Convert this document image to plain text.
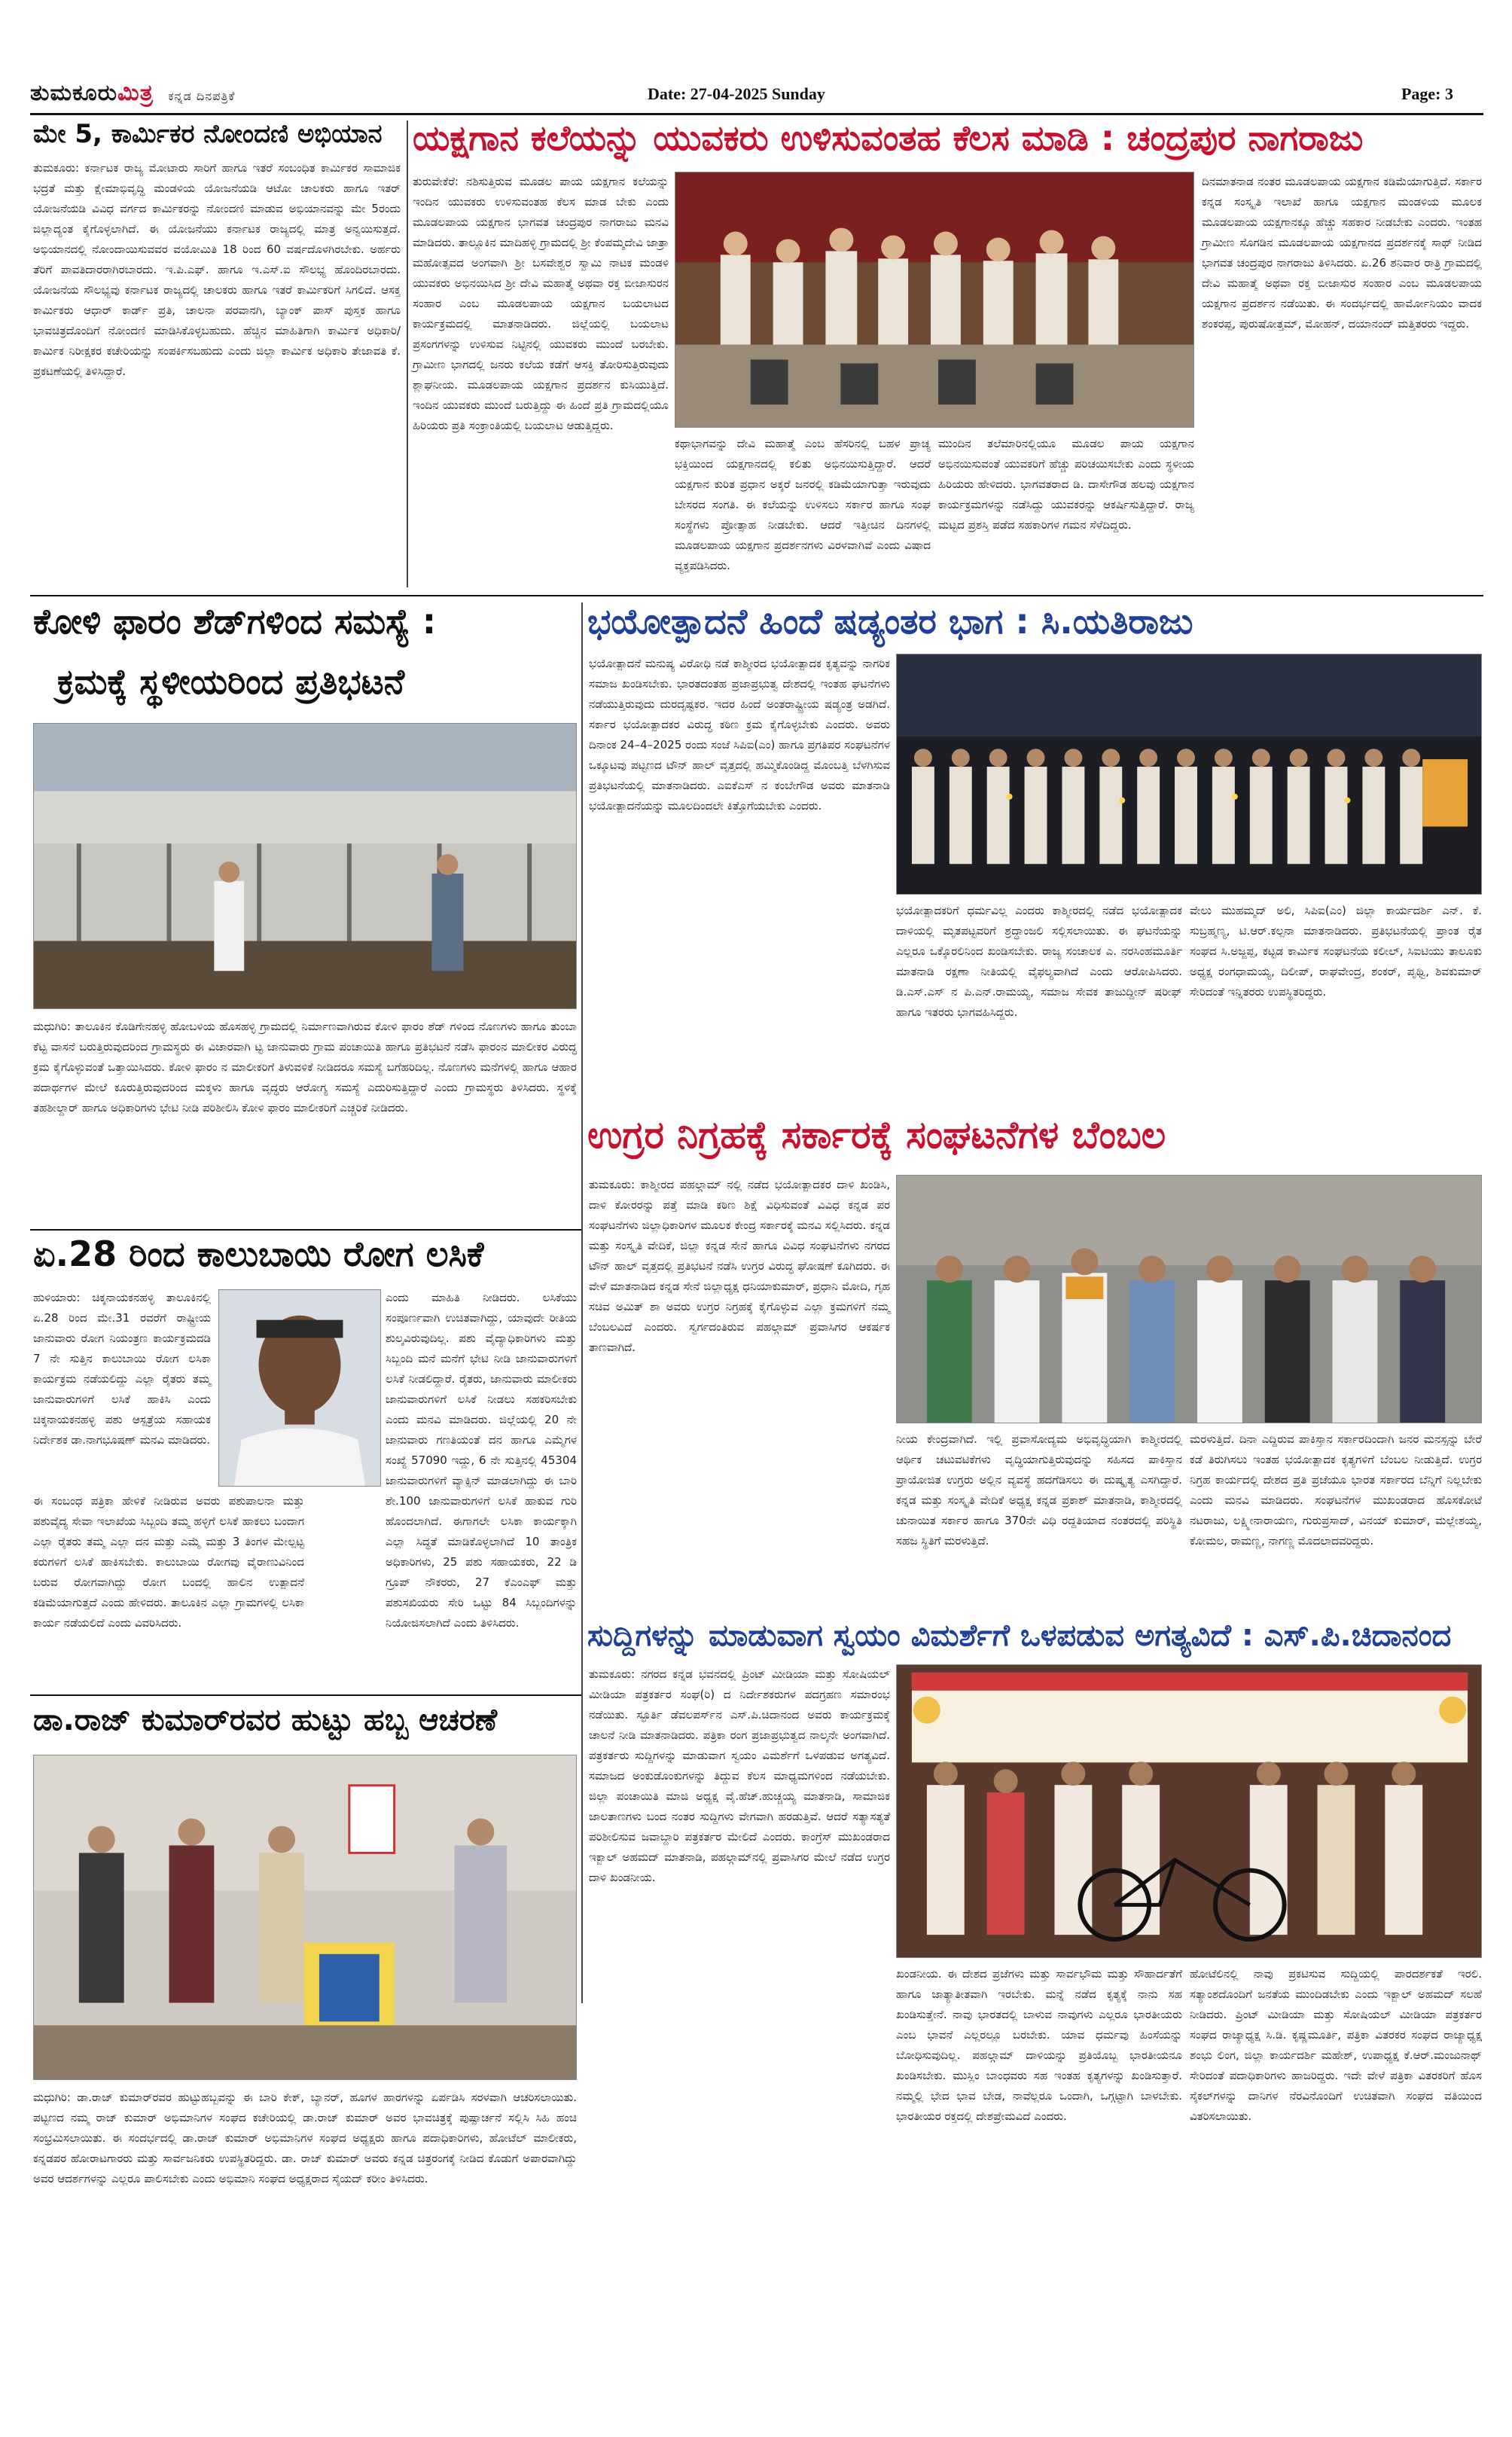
ತುಮಕೂರುಮಿತ್ರ ಕನ್ನಡ ದಿನಪತ್ರಿಕೆ	Date: 27-04-2025 Sunday	Page: 3
ಮೇ 5, ಕಾರ್ಮಿಕರ ನೋಂದಣಿ ಅಭಿಯಾನ
ತುಮಕೂರು: ಕರ್ನಾಟಕ ರಾಜ್ಯ ಮೋಟಾರು ಸಾರಿಗೆ ಹಾಗೂ ಇತರೆ ಸಂಬಂಧಿತ ಕಾರ್ಮಿಕರ ಸಾಮಾಜಿಕ ಭದ್ರತೆ ಮತ್ತು ಕ್ಷೇಮಾಭಿವೃದ್ಧಿ ಮಂಡಳಿಯ ಯೋಜನೆಯಡಿ ಆಟೋ ಚಾಲಕರು ಹಾಗೂ ಇತರ್ ಯೋಜನೆಯಡಿ ವಿವಿಧ ವರ್ಗದ ಕಾರ್ಮಿಕರನ್ನು ನೋಂದಣಿ ಮಾಡುವ ಅಭಿಯಾನವನ್ನು ಮೇ 5ರಂದು ಜಿಲ್ಲಾದ್ಯಂತ ಕೈಗೊಳ್ಳಲಾಗಿದೆ. ಈ ಯೋಜನೆಯು ಕರ್ನಾಟಕ ರಾಜ್ಯದಲ್ಲಿ ಮಾತ್ರ ಅನ್ವಯಿಸುತ್ತದೆ. ಅಭಿಯಾನದಲ್ಲಿ ನೋಂದಾಯಿಸುವವರ ವಯೋಮಿತಿ 18 ರಿಂದ 60 ವರ್ಷದೊಳಗಿರಬೇಕು. ಅರ್ಹರು ತೆರಿಗೆ ಪಾವತಿದಾರರಾಗಿರಬಾರದು. ಇ.ಪಿ.ಎಫ್. ಹಾಗೂ ಇ.ಎಸ್.ಐ ಸೌಲಭ್ಯ ಹೊಂದಿರಬಾರದು. ಯೋಜನೆಯ ಸೌಲಭ್ಯವು ಕರ್ನಾಟಕ ರಾಜ್ಯದಲ್ಲಿ ಚಾಲಕರು ಹಾಗೂ ಇತರೆ ಕಾರ್ಮಿಕರಿಗೆ ಸಿಗಲಿದೆ. ಆಸಕ್ತ ಕಾರ್ಮಿಕರು ಆಧಾರ್ ಕಾರ್ಡ್ ಪ್ರತಿ, ಚಾಲನಾ ಪರವಾನಗಿ, ಬ್ಯಾಂಕ್ ಪಾಸ್ ಪುಸ್ತಕ ಹಾಗೂ ಭಾವಚಿತ್ರದೊಂದಿಗೆ ನೋಂದಣಿ ಮಾಡಿಸಿಕೊಳ್ಳಬಹುದು. ಹೆಚ್ಚಿನ ಮಾಹಿತಿಗಾಗಿ ಕಾರ್ಮಿಕ ಅಧಿಕಾರಿ/ಕಾರ್ಮಿಕ ನಿರೀಕ್ಷಕರ ಕಚೇರಿಯನ್ನು ಸಂಪರ್ಕಿಸಬಹುದು ಎಂದು ಜಿಲ್ಲಾ ಕಾರ್ಮಿಕ ಅಧಿಕಾರಿ ತೇಜಾವತಿ ಕೆ. ಪ್ರಕಟಣೆಯಲ್ಲಿ ತಿಳಿಸಿದ್ದಾರೆ.
ಯಕ್ಷಗಾನ ಕಲೆಯನ್ನು ಯುವಕರು ಉಳಿಸುವಂತಹ ಕೆಲಸ ಮಾಡಿ : ಚಂದ್ರಪುರ ನಾಗರಾಜು
ತುರುವೇಕೆರೆ: ನಶಿಸುತ್ತಿರುವ ಮೂಡಲ ಪಾಯ ಯಕ್ಷಗಾನ ಕಲೆಯನ್ನು ಇಂದಿನ ಯುವಕರು ಉಳಿಸುವಂತಹ ಕೆಲಸ ಮಾಡ ಬೇಕು ಎಂದು ಮೂಡಲಪಾಯ ಯಕ್ಷಗಾನ ಭಾಗವತ ಚಂದ್ರಪುರ ನಾಗರಾಜು ಮನವಿ ಮಾಡಿದರು. ತಾಲ್ಲೂಕಿನ ಮಾದಿಹಳ್ಳಿ ಗ್ರಾಮದಲ್ಲಿ ಶ್ರೀ ಕೆಂಪಮ್ಮದೇವಿ ಜಾತ್ರಾ ಮಹೋತ್ಸವದ ಅಂಗವಾಗಿ ಶ್ರೀ ಬಸವೇಶ್ವರ ಸ್ವಾಮಿ ನಾಟಕ ಮಂಡಳಿ ಯುವಕರು ಅಭಿನಯಿಸಿದ ಶ್ರೀ ದೇವಿ ಮಹಾತ್ಮೆ ಅಥವಾ ರಕ್ತ ಬೀಜಾಸುರನ ಸಂಹಾರ ಎಂಬ ಮೂಡಲಪಾಯ ಯಕ್ಷಗಾನ ಬಯಲಾಟದ ಕಾರ್ಯಕ್ರಮದಲ್ಲಿ ಮಾತನಾಡಿದರು. ಜಿಲ್ಲೆಯಲ್ಲಿ ಬಯಲಾಟ ಪ್ರಸಂಗಗಳನ್ನು ಉಳಿಸುವ ನಿಟ್ಟಿನಲ್ಲಿ ಯುವಕರು ಮುಂದೆ ಬರಬೇಕು. ಗ್ರಾಮೀಣ ಭಾಗದಲ್ಲಿ ಜನರು ಕಲೆಯ ಕಡೆಗೆ ಆಸಕ್ತಿ ತೋರಿಸುತ್ತಿರುವುದು ಶ್ಲಾಘನೀಯ. ಮೂಡಲಪಾಯ ಯಕ್ಷಗಾನ ಪ್ರದರ್ಶನ ಕುಸಿಯುತ್ತಿದೆ. ಇಂದಿನ ಯುವಕರು ಮುಂದೆ ಬರುತ್ತಿದ್ದು ಈ ಹಿಂದೆ ಪ್ರತಿ ಗ್ರಾಮದಲ್ಲಿಯೂ ಹಿರಿಯರು ಪ್ರತಿ ಸಂಕ್ರಾಂತಿಯಲ್ಲಿ ಬಯಲಾಟ ಆಡುತ್ತಿದ್ದರು.
ಕಥಾಭಾಗವನ್ನು ದೇವಿ ಮಹಾತ್ಮೆ ಎಂಬ ಹೆಸರಿನಲ್ಲಿ ಬಹಳ ಪ್ರಾಚ್ಯ ಭಕ್ತಿಯಿಂದ ಯಕ್ಷಗಾನದಲ್ಲಿ ಕಲಿತು ಅಭಿನಯಿಸುತ್ತಿದ್ದಾರೆ. ಆದರೆ ಯಕ್ಷಗಾನ ಕುರಿತ ಪ್ರಧಾನ ಅಕ್ಕರೆ ಜನರಲ್ಲಿ ಕಡಿಮೆಯಾಗುತ್ತಾ ಇರುವುದು ಬೇಸರದ ಸಂಗತಿ. ಈ ಕಲೆಯನ್ನು ಉಳಿಸಲು ಸರ್ಕಾರ ಹಾಗೂ ಸಂಘ ಸಂಸ್ಥೆಗಳು ಪ್ರೋತ್ಸಾಹ ನೀಡಬೇಕು. ಆದರೆ ಇತ್ತೀಚಿನ ದಿನಗಳಲ್ಲಿ ಮೂಡಲಪಾಯ ಯಕ್ಷಗಾನ ಪ್ರದರ್ಶನಗಳು ವಿರಳವಾಗಿವೆ ಎಂದು ವಿಷಾದ ವ್ಯಕ್ತಪಡಿಸಿದರು.
ಮುಂದಿನ ತಲೆಮಾರಿನಲ್ಲಿಯೂ ಮೂಡಲ ಪಾಯ ಯಕ್ಷಗಾನ ಅಭಿನಯಿಸುವಂತೆ ಯುವಕರಿಗೆ ಹೆಚ್ಚು ಪರಿಚಯಿಸಬೇಕು ಎಂದು ಸ್ಥಳೀಯ ಹಿರಿಯರು ಹೇಳಿದರು. ಭಾಗವತರಾದ ಡಿ. ದಾಸೇಗೌಡ ಹಲವು ಯಕ್ಷಗಾನ ಕಾರ್ಯಕ್ರಮಗಳನ್ನು ನಡೆಸಿದ್ದು ಯುವಕರನ್ನು ಆಕರ್ಷಿಸುತ್ತಿದ್ದಾರೆ. ರಾಜ್ಯ ಮಟ್ಟದ ಪ್ರಶಸ್ತಿ ಪಡೆದ ಸಹಕಾರಿಗಳ ಗಮನ ಸೆಳೆದಿದ್ದರು.
ದಿನಮಾತನಾಡ ನಂತರ ಮೂಡಲಪಾಯ ಯಕ್ಷಗಾನ ಕಡಿಮೆಯಾಗುತ್ತಿದೆ. ಸರ್ಕಾರ ಕನ್ನಡ ಸಂಸ್ಕೃತಿ ಇಲಾಖೆ ಹಾಗೂ ಯಕ್ಷಗಾನ ಮಂಡಳಿಯ ಮೂಲಕ ಮೂಡಲಪಾಯ ಯಕ್ಷಗಾನಕ್ಕೂ ಹೆಚ್ಚು ಸಹಕಾರ ನೀಡಬೇಕು ಎಂದರು. ಇಂತಹ ಗ್ರಾಮೀಣ ಸೊಗಡಿನ ಮೂಡಲಪಾಯ ಯಕ್ಷಗಾನದ ಪ್ರದರ್ಶನಕ್ಕೆ ಸಾಥ್ ನೀಡಿದ ಭಾಗವತ ಚಂದ್ರಪುರ ನಾಗರಾಜು ತಿಳಿಸಿದರು. ಏ.26 ಶನಿವಾರ ರಾತ್ರಿ ಗ್ರಾಮದಲ್ಲಿ ದೇವಿ ಮಹಾತ್ಮೆ ಅಥವಾ ರಕ್ತ ಬೀಜಾಸುರ ಸಂಹಾರ ಎಂಬ ಮೂಡಲಪಾಯ ಯಕ್ಷಗಾನ ಪ್ರದರ್ಶನ ನಡೆಯಿತು. ಈ ಸಂದರ್ಭದಲ್ಲಿ ಹಾರ್ಮೋನಿಯಂ ವಾದಕ ಶಂಕರಪ್ಪ, ಪುರುಷೋತ್ತಮ್, ಮೋಹನ್, ದಯಾನಂದ್ ಮತ್ತಿತರರು ಇದ್ದರು.
ಕೋಳಿ ಫಾರಂ ಶೆಡ್‌ಗಳಿಂದ ಸಮಸ್ಯೆ :
ಕ್ರಮಕ್ಕೆ ಸ್ಥಳೀಯರಿಂದ ಪ್ರತಿಭಟನೆ
ಮಧುಗಿರಿ: ತಾಲೂಕಿನ ಕೊಡಿಗೇನಹಳ್ಳಿ ಹೋಬಳಿಯ ಹೊಸಹಳ್ಳಿ ಗ್ರಾಮದಲ್ಲಿ ನಿರ್ಮಾಣವಾಗಿರುವ ಕೋಳಿ ಫಾರಂ ಶೆಡ್ ಗಳಿಂದ ನೊಣಗಳು ಹಾಗೂ ತುಂಬಾ ಕೆಟ್ಟ ವಾಸನೆ ಬರುತ್ತಿರುವುದರಿಂದ ಗ್ರಾಮಸ್ಥರು ಈ ವಿಚಾರವಾಗಿ ಟ್ಟ ಜಾನುವಾರು ಗ್ರಾಮ ಪಂಚಾಯಿತಿ ಹಾಗೂ ಪ್ರತಿಭಟನೆ ನಡೆಸಿ ಫಾರಂನ ಮಾಲೀಕರ ವಿರುದ್ಧ ಕ್ರಮ ಕೈಗೊಳ್ಳುವಂತೆ ಒತ್ತಾಯಿಸಿದರು. ಕೋಳಿ ಫಾರಂ ನ ಮಾಲೀಕರಿಗೆ ತಿಳುವಳಿಕೆ ನೀಡಿದರೂ ಸಮಸ್ಯೆ ಬಗೆಹರಿದಿಲ್ಲ. ನೊಣಗಳು ಮನೆಗಳಲ್ಲಿ ಹಾಗೂ ಆಹಾರ ಪದಾರ್ಥಗಳ ಮೇಲೆ ಕೂರುತ್ತಿರುವುದರಿಂದ ಮಕ್ಕಳು ಹಾಗೂ ವೃದ್ಧರು ಆರೋಗ್ಯ ಸಮಸ್ಯೆ ಎದುರಿಸುತ್ತಿದ್ದಾರೆ ಎಂದು ಗ್ರಾಮಸ್ಥರು ತಿಳಿಸಿದರು. ಸ್ಥಳಕ್ಕೆ ತಹಶೀಲ್ದಾರ್ ಹಾಗೂ ಅಧಿಕಾರಿಗಳು ಭೇಟಿ ನೀಡಿ ಪರಿಶೀಲಿಸಿ ಕೋಳಿ ಫಾರಂ ಮಾಲೀಕರಿಗೆ ಎಚ್ಚರಿಕೆ ನೀಡಿದರು.
ಭಯೋತ್ಪಾದನೆ ಹಿಂದೆ ಷಡ್ಯಂತರ ಭಾಗ : ಸಿ.ಯತಿರಾಜು
ಭಯೋತ್ಪಾದನೆ ಮನುಷ್ಯ ವಿರೋಧಿ ನಡೆ ಕಾಶ್ಮೀರದ ಭಯೋತ್ಪಾದಕ ಕೃತ್ಯವನ್ನು ನಾಗರಿಕ ಸಮಾಜ ಖಂಡಿಸಬೇಕು. ಭಾರತದಂತಹ ಪ್ರಜಾಪ್ರಭುತ್ವ ದೇಶದಲ್ಲಿ ಇಂತಹ ಘಟನೆಗಳು ನಡೆಯುತ್ತಿರುವುದು ದುರದೃಷ್ಟಕರ. ಇದರ ಹಿಂದೆ ಅಂತರಾಷ್ಟ್ರೀಯ ಷಡ್ಯಂತ್ರ ಅಡಗಿದೆ. ಸರ್ಕಾರ ಭಯೋತ್ಪಾದಕರ ವಿರುದ್ಧ ಕಠಿಣ ಕ್ರಮ ಕೈಗೊಳ್ಳಬೇಕು ಎಂದರು. ಅವರು ದಿನಾಂಕ 24–4–2025 ರಂದು ಸಂಜೆ ಸಿಪಿಐ(ಎಂ) ಹಾಗೂ ಪ್ರಗತಿಪರ ಸಂಘಟನೆಗಳ ಒಕ್ಕೂಟವು ಪಟ್ಟಣದ ಟೌನ್ ಹಾಲ್ ವೃತ್ತದಲ್ಲಿ ಹಮ್ಮಿಕೊಂಡಿದ್ದ ಮೊಂಬತ್ತಿ ಬೆಳಗಿಸುವ ಪ್ರತಿಭಟನೆಯಲ್ಲಿ ಮಾತನಾಡಿದರು. ಎಐಕೆಎಸ್ ನ ಕಂಬೇಗೌಡ ಅವರು ಮಾತನಾಡಿ ಭಯೋತ್ಪಾದನೆಯನ್ನು ಮೂಲದಿಂದಲೇ ಕಿತ್ತೊಗೆಯಬೇಕು ಎಂದರು.
ಭಯೋತ್ಪಾದಕರಿಗೆ ಧರ್ಮವಿಲ್ಲ ಎಂದರು ಕಾಶ್ಮೀರದಲ್ಲಿ ನಡೆದ ಭಯೋತ್ಪಾದಕ ದಾಳಿಯಲ್ಲಿ ಮೃತಪಟ್ಟವರಿಗೆ ಶ್ರದ್ಧಾಂಜಲಿ ಸಲ್ಲಿಸಲಾಯಿತು. ಈ ಘಟನೆಯನ್ನು ಎಲ್ಲರೂ ಒಕ್ಕೊರಲಿನಿಂದ ಖಂಡಿಸಬೇಕು. ರಾಜ್ಯ ಸಂಚಾಲಕ ಎ. ನರಸಿಂಹಮೂರ್ತಿ ಮಾತನಾಡಿ ರಕ್ಷಣಾ ನೀತಿಯಲ್ಲಿ ವೈಫಲ್ಯವಾಗಿದೆ ಎಂದು ಆರೋಪಿಸಿದರು. ಡಿ.ಎಸ್.ಎಸ್ ನ ಪಿ.ಎನ್.ರಾಮಯ್ಯ, ಸಮಾಜ ಸೇವಕ ತಾಜುದ್ದೀನ್ ಷರೀಫ್ ಹಾಗೂ ಇತರರು ಭಾಗವಹಿಸಿದ್ದರು.
ವೇಲು ಮುಹಮ್ಮದ್ ಅಲಿ, ಸಿಪಿಐ(ಎಂ) ಜಿಲ್ಲಾ ಕಾರ್ಯದರ್ಶಿ ಎನ್. ಕೆ. ಸುಬ್ರಹ್ಮಣ್ಯ, ಟಿ.ಆರ್.ಕಲ್ಪನಾ ಮಾತನಾಡಿದರು. ಪ್ರತಿಭಟನೆಯಲ್ಲಿ ಪ್ರಾಂತ ರೈತ ಸಂಘದ ಸಿ.ಅಜ್ಜಪ್ಪ, ಕಟ್ಟಡ ಕಾರ್ಮಿಕ ಸಂಘಟನೆಯ ಕಲೀಲ್, ಸಿಐಟಿಯು ತಾಲೂಕು ಅಧ್ಯಕ್ಷ ರಂಗಧಾಮಯ್ಯ, ದಿಲೀಪ್, ರಾಘವೇಂದ್ರ, ಶಂಕರ್, ಪೃಥ್ವಿ, ಶಿವಕುಮಾರ್ ಸೇರಿದಂತೆ ಇನ್ನಿತರರು ಉಪಸ್ಥಿತರಿದ್ದರು.
ಉಗ್ರರ ನಿಗ್ರಹಕ್ಕೆ ಸರ್ಕಾರಕ್ಕೆ ಸಂಘಟನೆಗಳ ಬೆಂಬಲ
ತುಮಕೂರು: ಕಾಶ್ಮೀರದ ಪಹಲ್ಗಾಮ್ ನಲ್ಲಿ ನಡೆದ ಭಯೋತ್ಪಾದಕರ ದಾಳಿ ಖಂಡಿಸಿ, ದಾಳಿ ಕೋರರನ್ನು ಪತ್ತೆ ಮಾಡಿ ಕಠಿಣ ಶಿಕ್ಷೆ ವಿಧಿಸುವಂತೆ ವಿವಿಧ ಕನ್ನಡ ಪರ ಸಂಘಟನೆಗಳು ಜಿಲ್ಲಾಧಿಕಾರಿಗಳ ಮೂಲಕ ಕೇಂದ್ರ ಸರ್ಕಾರಕ್ಕೆ ಮನವಿ ಸಲ್ಲಿಸಿದರು. ಕನ್ನಡ ಮತ್ತು ಸಂಸ್ಕೃತಿ ವೇದಿಕೆ, ಜಿಲ್ಲಾ ಕನ್ನಡ ಸೇನೆ ಹಾಗೂ ವಿವಿಧ ಸಂಘಟನೆಗಳು ನಗರದ ಟೌನ್ ಹಾಲ್ ವೃತ್ತದಲ್ಲಿ ಪ್ರತಿಭಟನೆ ನಡೆಸಿ ಉಗ್ರರ ವಿರುದ್ಧ ಘೋಷಣೆ ಕೂಗಿದರು. ಈ ವೇಳೆ ಮಾತನಾಡಿದ ಕನ್ನಡ ಸೇನೆ ಜಿಲ್ಲಾಧ್ಯಕ್ಷ ಧನಿಯಾಕುಮಾರ್, ಪ್ರಧಾನಿ ಮೋದಿ, ಗೃಹ ಸಚಿವ ಅಮಿತ್ ಶಾ ಅವರು ಉಗ್ರರ ನಿಗ್ರಹಕ್ಕೆ ಕೈಗೊಳ್ಳುವ ಎಲ್ಲಾ ಕ್ರಮಗಳಿಗೆ ನಮ್ಮ ಬೆಂಬಲವಿದೆ ಎಂದರು. ಸ್ವರ್ಗದಂತಿರುವ ಪಹಲ್ಗಾಮ್ ಪ್ರವಾಸಿಗರ ಆಕರ್ಷಕ ತಾಣವಾಗಿದೆ.
ನೀಯ ಕೇಂದ್ರವಾಗಿದೆ. ಇಲ್ಲಿ ಪ್ರವಾಸೋದ್ಯಮ ಅಭಿವೃದ್ಧಿಯಾಗಿ ಕಾಶ್ಮೀರದಲ್ಲಿ ಆರ್ಥಿಕ ಚಟುವಟಿಕೆಗಳು ವೃದ್ಧಿಯಾಗುತ್ತಿರುವುದನ್ನು ಸಹಿಸದ ಪಾಕಿಸ್ತಾನ ಪ್ರಾಯೋಜಿತ ಉಗ್ರರು ಅಲ್ಲಿನ ವ್ಯವಸ್ಥೆ ಹದಗೆಡಿಸಲು ಈ ದುಷ್ಕೃತ್ಯ ಎಸಗಿದ್ದಾರೆ. ಕನ್ನಡ ಮತ್ತು ಸಂಸ್ಕೃತಿ ವೇದಿಕೆ ಅಧ್ಯಕ್ಷ ಕನ್ನಡ ಪ್ರಕಾಶ್ ಮಾತನಾಡಿ, ಕಾಶ್ಮೀರದಲ್ಲಿ ಚುನಾಯಿತ ಸರ್ಕಾರ ಹಾಗೂ 370ನೇ ವಿಧಿ ರದ್ದತಿಯಾದ ನಂತರದಲ್ಲಿ ಪರಿಸ್ಥಿತಿ ಸಹಜ ಸ್ಥಿತಿಗೆ ಮರಳುತ್ತಿದೆ.
ಮರಳುತ್ತಿದೆ. ದಿನಾ ಎದ್ದಿರುವ ಪಾಕಿಸ್ತಾನ ಸರ್ಕಾರದಿಂದಾಗಿ ಜನರ ಮನಸ್ಸನ್ನು ಬೇರೆ ಕಡೆ ತಿರುಗಿಸಲು ಇಂತಹ ಭಯೋತ್ಪಾದಕ ಕೃತ್ಯಗಳಿಗೆ ಬೆಂಬಲ ನೀಡುತ್ತಿದೆ. ಉಗ್ರರ ನಿಗ್ರಹ ಕಾರ್ಯದಲ್ಲಿ ದೇಶದ ಪ್ರತಿ ಪ್ರಜೆಯೂ ಭಾರತ ಸರ್ಕಾರದ ಬೆನ್ನಿಗೆ ನಿಲ್ಲಬೇಕು ಎಂದು ಮನವಿ ಮಾಡಿದರು. ಸಂಘಟನೆಗಳ ಮುಖಂಡರಾದ ಹೊಸಕೋಟೆ ನಟರಾಜು, ಲಕ್ಷ್ಮೀನಾರಾಯಣ, ಗುರುಪ್ರಸಾದ್, ವಿನಯ್ ಕುಮಾರ್, ಮಲ್ಲೇಶಯ್ಯ, ಕೋಮಲ, ರಾಮಣ್ಣ, ನಾಗಣ್ಣ ಮೊದಲಾದವರಿದ್ದರು.
ಏ.28 ರಿಂದ ಕಾಲುಬಾಯಿ ರೋಗ ಲಸಿಕೆ
ಹುಳಿಯಾರು: ಚಿಕ್ಕನಾಯಕನಹಳ್ಳಿ ತಾಲೂಕಿನಲ್ಲಿ ಏ.28 ರಿಂದ ಮೇ.31 ರವರೆಗೆ ರಾಷ್ಟ್ರೀಯ ಜಾನುವಾರು ರೋಗ ನಿಯಂತ್ರಣ ಕಾರ್ಯಕ್ರಮದಡಿ 7 ನೇ ಸುತ್ತಿನ ಕಾಲುಬಾಯಿ ರೋಗ ಲಸಿಕಾ ಕಾರ್ಯಕ್ರಮ ನಡೆಯಲಿದ್ದು ಎಲ್ಲಾ ರೈತರು ತಮ್ಮ ಜಾನುವಾರುಗಳಿಗೆ ಲಸಿಕೆ ಹಾಕಿಸಿ ಎಂದು ಚಿಕ್ಕನಾಯಕನಹಳ್ಳಿ ಪಶು ಆಸ್ಪತ್ರೆಯ ಸಹಾಯಕ ನಿರ್ದೇಶಕ ಡಾ.ನಾಗಭೂಷಣ್ ಮನವಿ ಮಾಡಿದರು.
ಎಂದು ಮಾಹಿತಿ ನೀಡಿದರು. ಲಸಿಕೆಯು ಸಂಪೂರ್ಣವಾಗಿ ಉಚಿತವಾಗಿದ್ದು, ಯಾವುದೇ ರೀತಿಯ ಶುಲ್ಕವಿರುವುದಿಲ್ಲ. ಪಶು ವೈದ್ಯಾಧಿಕಾರಿಗಳು ಮತ್ತು ಸಿಬ್ಬಂದಿ ಮನೆ ಮನೆಗೆ ಭೇಟಿ ನೀಡಿ ಜಾನುವಾರುಗಳಿಗೆ ಲಸಿಕೆ ನೀಡಲಿದ್ದಾರೆ. ರೈತರು, ಜಾನುವಾರು ಮಾಲೀಕರು ಜಾನುವಾರುಗಳಿಗೆ ಲಸಿಕೆ ನೀಡಲು ಸಹಕರಿಸಬೇಕು ಎಂದು ಮನವಿ ಮಾಡಿದರು. ಜಿಲ್ಲೆಯಲ್ಲಿ 20 ನೇ ಜಾನುವಾರು ಗಣತಿಯಂತೆ ದನ ಹಾಗೂ ಎಮ್ಮೆಗಳ ಸಂಖ್ಯೆ 57090 ಇದ್ದು, 6 ನೇ ಸುತ್ತಿನಲ್ಲಿ 45304 ಜಾನುವಾರುಗಳಿಗೆ ವ್ಯಾಕ್ಸಿನ್ ಮಾಡಲಾಗಿದ್ದು ಈ ಬಾರಿ ಶೇ.100 ಜಾನುವಾರುಗಳಿಗೆ ಲಸಿಕೆ ಹಾಕುವ ಗುರಿ ಹೊಂದಲಾಗಿದೆ. ಈಗಾಗಲೇ ಲಸಿಕಾ ಕಾರ್ಯಕ್ಕಾಗಿ ಎಲ್ಲಾ ಸಿದ್ಧತೆ ಮಾಡಿಕೊಳ್ಳಲಾಗಿದೆ 10 ತಾಂತ್ರಿಕ ಅಧಿಕಾರಿಗಳು, 25 ಪಶು ಸಹಾಯಕರು, 22 ಡಿ ಗ್ರೂಪ್ ನೌಕರರು, 27 ಕೆಎಂಎಫ್ ಮತ್ತು ಪಶುಸಖಿಯರು ಸೇರಿ ಒಟ್ಟು 84 ಸಿಬ್ಬಂದಿಗಳನ್ನು ನಿಯೋಜಿಸಲಾಗಿದೆ ಎಂದು ತಿಳಿಸಿದರು.
ಈ ಸಂಬಂಧ ಪತ್ರಿಕಾ ಹೇಳಿಕೆ ನೀಡಿರುವ ಅವರು ಪಶುಪಾಲನಾ ಮತ್ತು ಪಶುವೈದ್ಯ ಸೇವಾ ಇಲಾಖೆಯ ಸಿಬ್ಬಂದಿ ತಮ್ಮ ಹಳ್ಳಿಗೆ ಲಸಿಕೆ ಹಾಕಲು ಬಂದಾಗ ಎಲ್ಲಾ ರೈತರು ತಮ್ಮ ಎಲ್ಲಾ ದನ ಮತ್ತು ಎಮ್ಮೆ ಮತ್ತು 3 ತಿಂಗಳ ಮೇಲ್ಪಟ್ಟ ಕರುಗಳಿಗೆ ಲಸಿಕೆ ಹಾಕಿಸಬೇಕು. ಕಾಲುಬಾಯಿ ರೋಗವು ವೈರಾಣುವಿನಿಂದ ಬರುವ ರೋಗವಾಗಿದ್ದು ರೋಗ ಬಂದಲ್ಲಿ ಹಾಲಿನ ಉತ್ಪಾದನೆ ಕಡಿಮೆಯಾಗುತ್ತದೆ ಎಂದು ಹೇಳಿದರು. ತಾಲೂಕಿನ ಎಲ್ಲಾ ಗ್ರಾಮಗಳಲ್ಲಿ ಲಸಿಕಾ ಕಾರ್ಯ ನಡೆಯಲಿದೆ ಎಂದು ವಿವರಿಸಿದರು.
ಡಾ.ರಾಜ್ ಕುಮಾರ್‌ರವರ ಹುಟ್ಟು ಹಬ್ಬ ಆಚರಣೆ
ಮಧುಗಿರಿ: ಡಾ.ರಾಜ್ ಕುಮಾರ್‌ರವರ ಹುಟ್ಟುಹಬ್ಬವನ್ನು ಈ ಬಾರಿ ಕೇಕ್, ಬ್ಯಾನರ್, ಹೂಗಳ ಹಾರಗಳನ್ನು ಏರ್ಪಡಿಸಿ ಸರಳವಾಗಿ ಆಚರಿಸಲಾಯಿತು. ಪಟ್ಟಣದ ನಮ್ಮ ರಾಜ್ ಕುಮಾರ್ ಅಭಿಮಾನಿಗಳ ಸಂಘದ ಕಚೇರಿಯಲ್ಲಿ ಡಾ.ರಾಜ್ ಕುಮಾರ್ ಅವರ ಭಾವಚಿತ್ರಕ್ಕೆ ಪುಷ್ಪಾರ್ಚನೆ ಸಲ್ಲಿಸಿ ಸಿಹಿ ಹಂಚಿ ಸಂಭ್ರಮಿಸಲಾಯಿತು. ಈ ಸಂದರ್ಭದಲ್ಲಿ ಡಾ.ರಾಜ್ ಕುಮಾರ್ ಅಭಿಮಾನಿಗಳ ಸಂಘದ ಅಧ್ಯಕ್ಷರು ಹಾಗೂ ಪದಾಧಿಕಾರಿಗಳು, ಹೋಟೆಲ್ ಮಾಲೀಕರು, ಕನ್ನಡಪರ ಹೋರಾಟಗಾರರು ಮತ್ತು ಸಾರ್ವಜನಿಕರು ಉಪಸ್ಥಿತರಿದ್ದರು. ಡಾ. ರಾಜ್ ಕುಮಾರ್ ಅವರು ಕನ್ನಡ ಚಿತ್ರರಂಗಕ್ಕೆ ನೀಡಿದ ಕೊಡುಗೆ ಅಪಾರವಾಗಿದ್ದು ಅವರ ಆದರ್ಶಗಳನ್ನು ಎಲ್ಲರೂ ಪಾಲಿಸಬೇಕು ಎಂದು ಅಭಿಮಾನಿ ಸಂಘದ ಅಧ್ಯಕ್ಷರಾದ ಸೈಯದ್ ಕರೀಂ ತಿಳಿಸಿದರು.
ಸುದ್ದಿಗಳನ್ನು ಮಾಡುವಾಗ ಸ್ವಯಂ ವಿಮರ್ಶೆಗೆ ಒಳಪಡುವ ಅಗತ್ಯವಿದೆ : ಎಸ್.ಪಿ.ಚಿದಾನಂದ
ತುಮಕೂರು: ನಗರದ ಕನ್ನಡ ಭವನದಲ್ಲಿ ಪ್ರಿಂಟ್ ಮೀಡಿಯಾ ಮತ್ತು ಸೋಷಿಯಲ್ ಮೀಡಿಯಾ ಪತ್ರಕರ್ತರ ಸಂಘ(ರಿ) ದ ನಿರ್ದೇಶಕರುಗಳ ಪದಗ್ರಹಣ ಸಮಾರಂಭ ನಡೆಯಿತು. ಸ್ಫೂರ್ತಿ ಡೆವಲಪರ್ಸ್‌ನ ಎಸ್.ಪಿ.ಚಿದಾನಂದ ಅವರು ಕಾರ್ಯಕ್ರಮಕ್ಕೆ ಚಾಲನೆ ನೀಡಿ ಮಾತನಾಡಿದರು. ಪತ್ರಿಕಾ ರಂಗ ಪ್ರಜಾಪ್ರಭುತ್ವದ ನಾಲ್ಕನೇ ಅಂಗವಾಗಿದೆ. ಪತ್ರಕರ್ತರು ಸುದ್ದಿಗಳನ್ನು ಮಾಡುವಾಗ ಸ್ವಯಂ ವಿಮರ್ಶೆಗೆ ಒಳಪಡುವ ಅಗತ್ಯವಿದೆ. ಸಮಾಜದ ಅಂಕುಡೊಂಕುಗಳನ್ನು ತಿದ್ದುವ ಕೆಲಸ ಮಾಧ್ಯಮಗಳಿಂದ ನಡೆಯಬೇಕು. ಜಿಲ್ಲಾ ಪಂಚಾಯಿತಿ ಮಾಜಿ ಅಧ್ಯಕ್ಷ ವೈ.ಹೆಚ್.ಹುಚ್ಚಯ್ಯ ಮಾತನಾಡಿ, ಸಾಮಾಜಿಕ ಜಾಲತಾಣಗಳು ಬಂದ ನಂತರ ಸುದ್ದಿಗಳು ವೇಗವಾಗಿ ಹರಡುತ್ತಿವೆ. ಆದರೆ ಸತ್ಯಾಸತ್ಯತೆ ಪರಿಶೀಲಿಸುವ ಜವಾಬ್ದಾರಿ ಪತ್ರಕರ್ತರ ಮೇಲಿದೆ ಎಂದರು. ಕಾಂಗ್ರೆಸ್ ಮುಖಂಡರಾದ ಇಕ್ಬಾಲ್ ಅಹಮದ್ ಮಾತನಾಡಿ, ಪಹಲ್ಗಾಮ್‌ನಲ್ಲಿ ಪ್ರವಾಸಿಗರ ಮೇಲೆ ನಡೆದ ಉಗ್ರರ ದಾಳಿ ಖಂಡನೀಯ.
ಖಂಡನೀಯ. ಈ ದೇಶದ ಪ್ರಜೆಗಳು ಮತ್ತು ಸಾರ್ವಭೌಮ ಮತ್ತು ಸೌಹಾರ್ದತೆಗೆ ಹಾಗೂ ಜಾತ್ಯಾತೀತವಾಗಿ ಇರಬೇಕು. ಮನ್ನೆ ನಡೆದ ಕೃತ್ಯಕ್ಕೆ ನಾನು ಸಹ ಖಂಡಿಸುತ್ತೇನೆ. ನಾವು ಭಾರತದಲ್ಲಿ ಬಾಳುವ ನಾವುಗಳು ಎಲ್ಲರೂ ಭಾರತೀಯರು ಎಂಬ ಭಾವನೆ ಎಲ್ಲರಲ್ಲೂ ಬರಬೇಕು. ಯಾವ ಧರ್ಮವು ಹಿಂಸೆಯನ್ನು ಬೋಧಿಸುವುದಿಲ್ಲ. ಪಹಲ್ಗಾಮ್ ದಾಳಿಯನ್ನು ಪ್ರತಿಯೊಬ್ಬ ಭಾರತೀಯನೂ ಖಂಡಿಸಬೇಕು. ಮುಸ್ಲಿಂ ಬಾಂಧವರು ಸಹ ಇಂತಹ ಕೃತ್ಯಗಳನ್ನು ಖಂಡಿಸುತ್ತಾರೆ. ನಮ್ಮಲ್ಲಿ ಭೇದ ಭಾವ ಬೇಡ, ನಾವೆಲ್ಲರೂ ಒಂದಾಗಿ, ಒಗ್ಗಟ್ಟಾಗಿ ಬಾಳಬೇಕು. ಭಾರತೀಯರ ರಕ್ತದಲ್ಲಿ ದೇಶಪ್ರೇಮವಿದೆ ಎಂದರು.
ಹೋಟೆಲಿನಲ್ಲಿ ನಾವು ಪ್ರಕಟಿಸುವ ಸುದ್ದಿಯಲ್ಲಿ ಪಾರದರ್ಶಕತೆ ಇರಲಿ. ಸತ್ಯಾಂಶದೊಂದಿಗೆ ಜನತೆಯ ಮುಂದಿಡಬೇಕು ಎಂದು ಇಕ್ಬಾಲ್ ಅಹಮದ್ ಸಲಹೆ ನೀಡಿದರು. ಪ್ರಿಂಟ್ ಮೀಡಿಯಾ ಮತ್ತು ಸೋಷಿಯಲ್ ಮೀಡಿಯಾ ಪತ್ರಕರ್ತರ ಸಂಘದ ರಾಜ್ಯಾಧ್ಯಕ್ಷ ಸಿ.ಡಿ. ಕೃಷ್ಣಮೂರ್ತಿ, ಪತ್ರಿಕಾ ವಿತರಕರ ಸಂಘದ ರಾಜ್ಯಾಧ್ಯಕ್ಷ ಶಂಭು ಲಿಂಗ, ಜಿಲ್ಲಾ ಕಾರ್ಯದರ್ಶಿ ಮಹೇಶ್, ಉಪಾಧ್ಯಕ್ಷ ಕೆ.ಆರ್.ಮಂಜುನಾಥ್ ಸೇರಿದಂತೆ ಪದಾಧಿಕಾರಿಗಳು ಹಾಜರಿದ್ದರು. ಇದೇ ವೇಳೆ ಪತ್ರಿಕಾ ವಿತರಕರಿಗೆ ಹೊಸ ಸೈಕಲ್‌ಗಳನ್ನು ದಾನಿಗಳ ನೆರವಿನೊಂದಿಗೆ ಉಚಿತವಾಗಿ ಸಂಘದ ವತಿಯಿಂದ ವಿತರಿಸಲಾಯಿತು.
